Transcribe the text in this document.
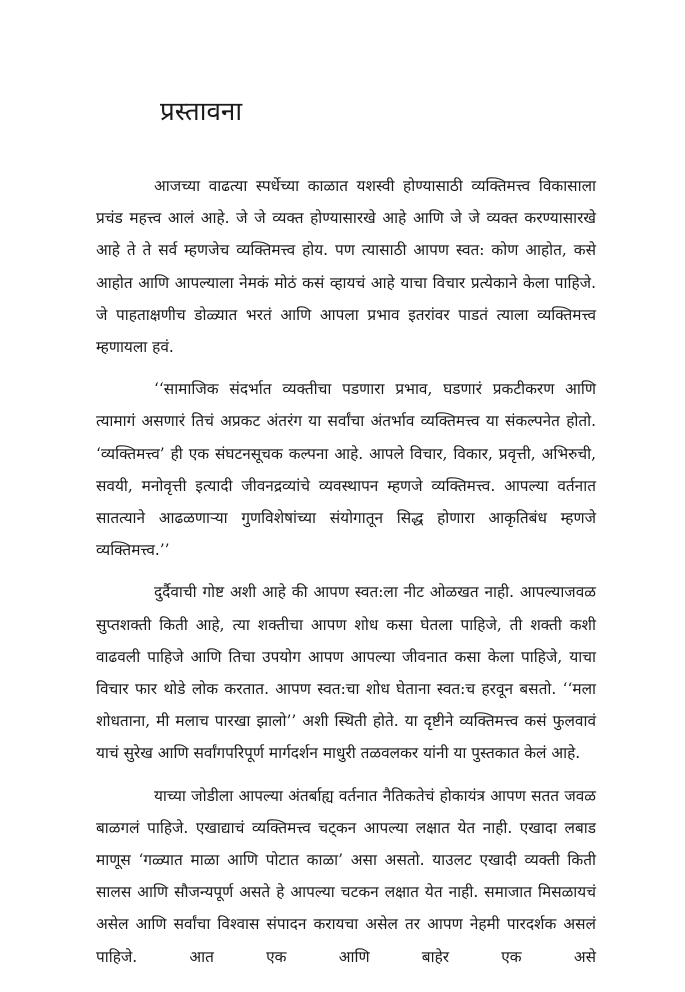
प्रस्तावना

आजच्या वाढत्या स्पर्धेच्या काळात यशस्वी होण्यासाठी व्यक्तिमत्त्व विकासाला प्रचंड महत्त्व आलं आहे. जे जे व्यक्त होण्यासारखे आहे आणि जे जे व्यक्त करण्यासारखे आहे ते ते सर्व म्हणजेच व्यक्तिमत्त्व होय. पण त्यासाठी आपण स्वत: कोण आहोत, कसे आहोत आणि आपल्याला नेमकं मोठं कसं व्हायचं आहे याचा विचार प्रत्येकाने केला पाहिजे. जे पाहताक्षणीच डोळ्यात भरतं आणि आपला प्रभाव इतरांवर पाडतं त्याला व्यक्तिमत्त्व म्हणायला हवं.

‘‘सामाजिक संदर्भात व्यक्तीचा पडणारा प्रभाव, घडणारं प्रकटीकरण आणि त्यामागं असणारं तिचं अप्रकट अंतरंग या सर्वांचा अंतर्भाव व्यक्तिमत्त्व या संकल्पनेत होतो. ‘व्यक्तिमत्त्व’ ही एक संघटनसूचक कल्पना आहे. आपले विचार, विकार, प्रवृत्ती, अभिरुची, सवयी, मनोवृत्ती इत्यादी जीवनद्रव्यांचे व्यवस्थापन म्हणजे व्यक्तिमत्त्व. आपल्या वर्तनात सातत्याने आढळणाऱ्या गुणविशेषांच्या संयोगातून सिद्ध होणारा आकृतिबंध म्हणजे व्यक्तिमत्त्व.’’

दुर्दैवाची गोष्ट अशी आहे की आपण स्वत:ला नीट ओळखत नाही. आपल्याजवळ सुप्तशक्ती किती आहे, त्या शक्तीचा आपण शोध कसा घेतला पाहिजे, ती शक्ती कशी वाढवली पाहिजे आणि तिचा उपयोग आपण आपल्या जीवनात कसा केला पाहिजे, याचा विचार फार थोडे लोक करतात. आपण स्वत:चा शोध घेताना स्वत:च हरवून बसतो. ‘‘मला शोधताना, मी मलाच पारखा झालो’’ अशी स्थिती होते. या दृष्टीने व्यक्तिमत्त्व कसं फुलवावं याचं सुरेख आणि सर्वांगपरिपूर्ण मार्गदर्शन माधुरी तळवलकर यांनी या पुस्तकात केलं आहे.

याच्या जोडीला आपल्या अंतर्बाह्य वर्तनात नैतिकतेचं होकायंत्र आपण सतत जवळ बाळगलं पाहिजे. एखाद्याचं व्यक्तिमत्त्व चट्कन आपल्या लक्षात येत नाही. एखादा लबाड माणूस ‘गळ्यात माळा आणि पोटात काळा’ असा असतो. याउलट एखादी व्यक्ती किती सालस आणि सौजन्यपूर्ण असते हे आपल्या चटकन लक्षात येत नाही. समाजात मिसळायचं असेल आणि सर्वांचा विश्वास संपादन करायचा असेल तर आपण नेहमी पारदर्शक असलं पाहिजे. आत एक आणि बाहेर एक असे
